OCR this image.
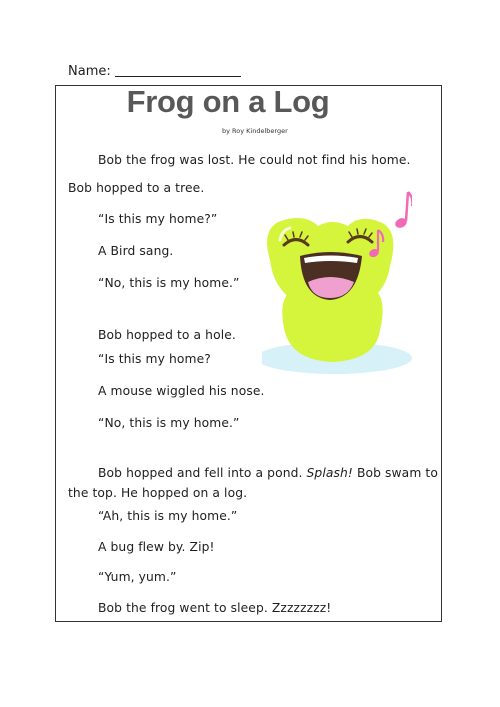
Name:
Frog on a Log
by Roy Kindelberger
Bob the frog was lost. He could not find his home.
Bob hopped to a tree.
“Is this my home?”
A Bird sang.
“No, this is my home.”
Bob hopped to a hole.
“Is this my home?
A mouse wiggled his nose.
“No, this is my home.”
Bob hopped and fell into a pond. Splash! Bob swam to
the top. He hopped on a log.
“Ah, this is my home.”
A bug flew by. Zip!
“Yum, yum.”
Bob the frog went to sleep. Zzzzzzzz!
